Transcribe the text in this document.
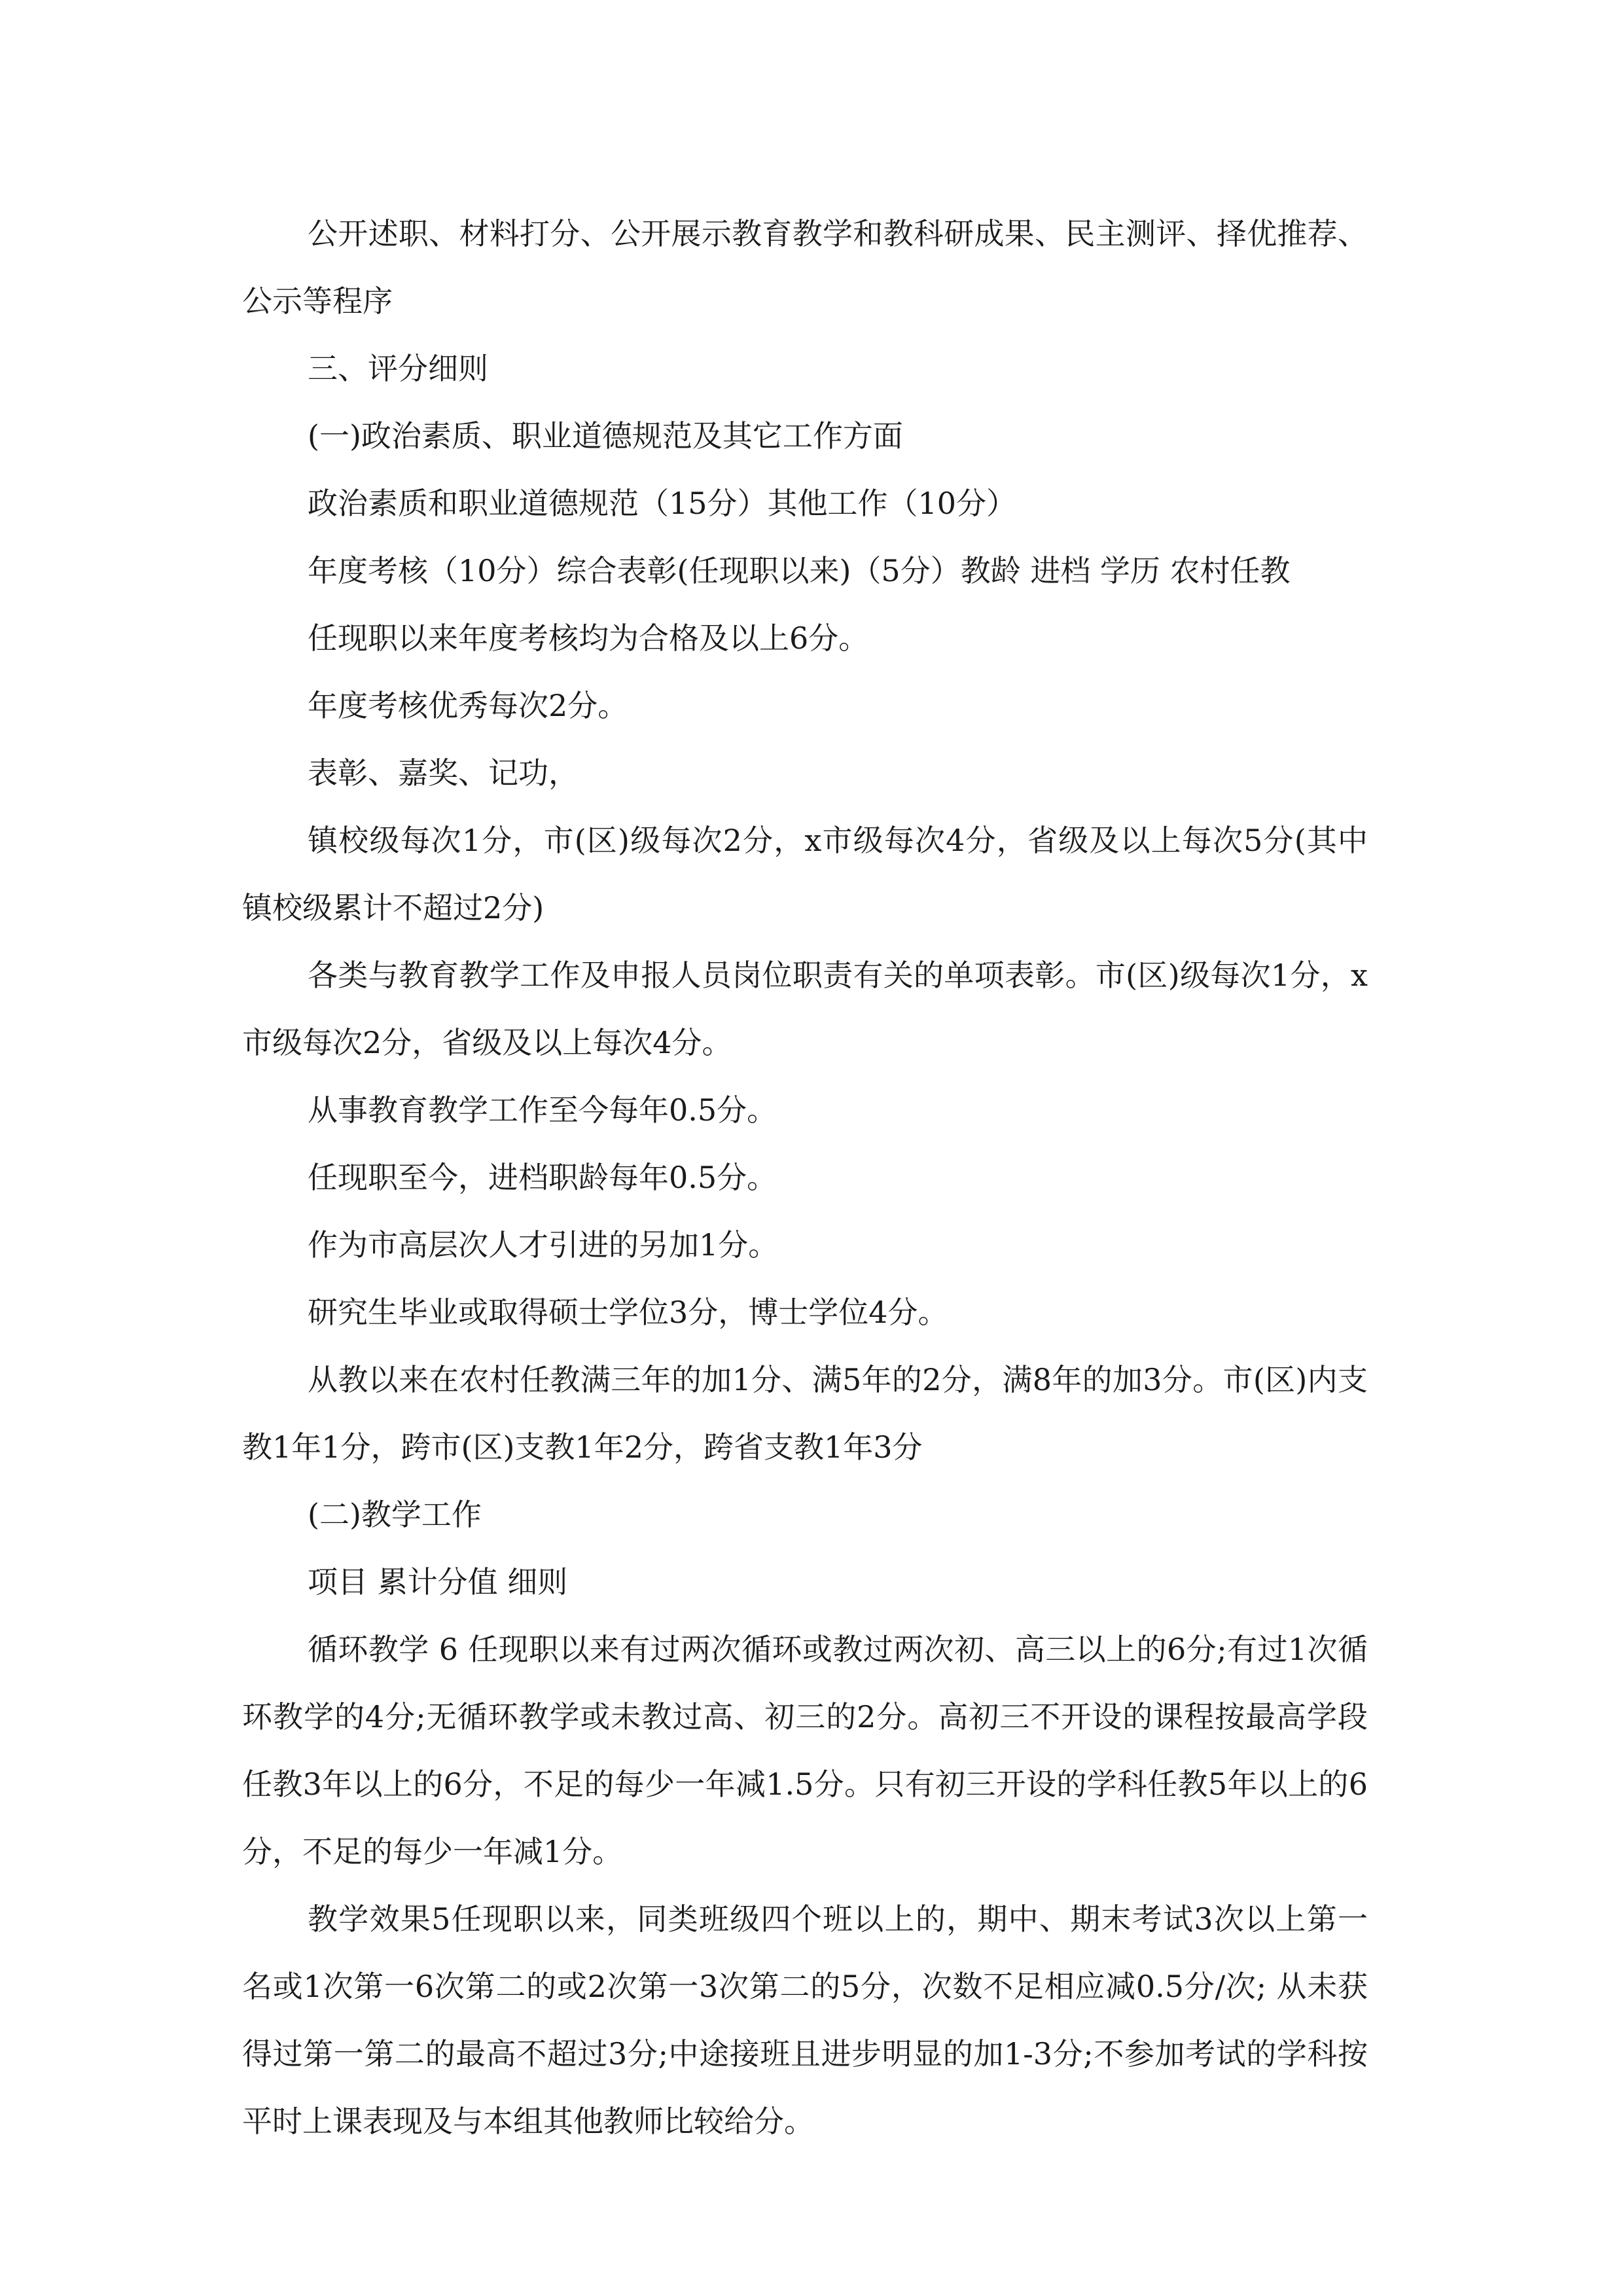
公开述职、材料打分、公开展示教育教学和教科研成果、民主测评、择优推荐、公示等程序

三、评分细则

(一)政治素质、职业道德规范及其它工作方面

政治素质和职业道德规范（15分）其他工作（10分）

年度考核（10分）综合表彰(任现职以来)（5分）教龄 进档 学历 农村任教

任现职以来年度考核均为合格及以上6分。

年度考核优秀每次2分。

表彰、嘉奖、记功，

镇校级每次1分，市(区)级每次2分，x市级每次4分，省级及以上每次5分(其中镇校级累计不超过2分)

各类与教育教学工作及申报人员岗位职责有关的单项表彰。市(区)级每次1分，x市级每次2分，省级及以上每次4分。

从事教育教学工作至今每年0.5分。

任现职至今，进档职龄每年0.5分。

作为市高层次人才引进的另加1分。

研究生毕业或取得硕士学位3分，博士学位4分。

从教以来在农村任教满三年的加1分、满5年的2分，满8年的加3分。市(区)内支教1年1分，跨市(区)支教1年2分，跨省支教1年3分

(二)教学工作

项目 累计分值 细则

循环教学 6 任现职以来有过两次循环或教过两次初、高三以上的6分;有过1次循环教学的4分;无循环教学或未教过高、初三的2分。高初三不开设的课程按最高学段任教3年以上的6分，不足的每少一年减1.5分。只有初三开设的学科任教5年以上的6分，不足的每少一年减1分。

教学效果5任现职以来，同类班级四个班以上的，期中、期末考试3次以上第一名或1次第一6次第二的或2次第一3次第二的5分，次数不足相应减0.5分/次; 从未获得过第一第二的最高不超过3分;中途接班且进步明显的加1-3分;不参加考试的学科按平时上课表现及与本组其他教师比较给分。
